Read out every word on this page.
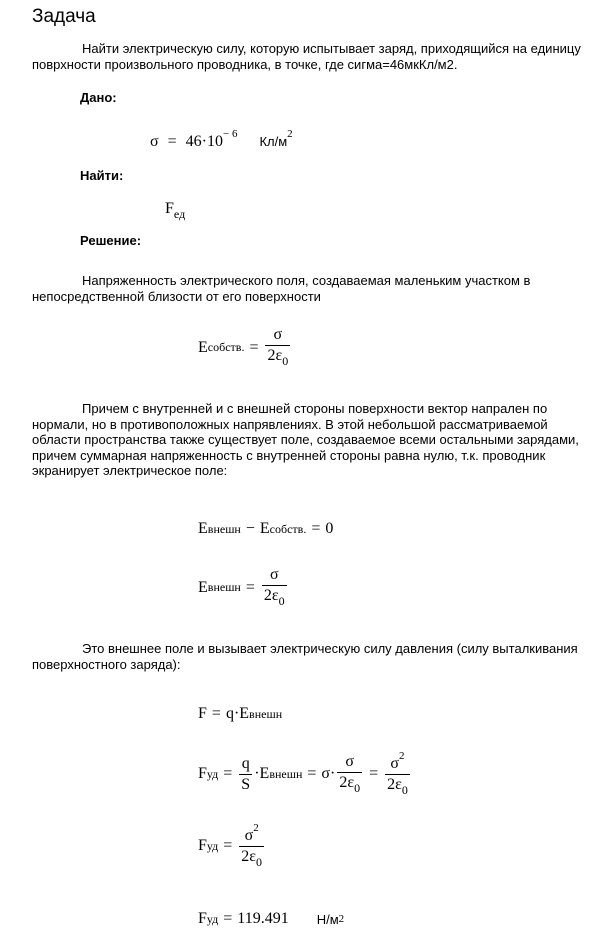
Задача
Найти электрическую силу, которую испытывает заряд, приходящийся на единицу поврхности произвольного проводника, в точке, где сигма=46мкКл/м2.
Дано:
$\sigma = 46\cdot 10^{- 6}$ $Кл/м^2$
Найти:
$F_{ед}$
Решение:
Напряженность электрического поля, создаваемая маленьким участком в непосредственной близости от его поверхности
E собств. = $\frac{\sigma}{2\varepsilon_0}$
Причем с внутренней и с внешней стороны поверхности вектор напрален по нормали, но в противоположных напрявлениях. В этой небольшой рассматриваемой области пространства также существует поле, создаваемое всеми остальными зарядами, причем суммарная напряженность с внутренней стороны равна нулю, т.к. проводник экранирует электрическое поле:
E внешн − E собств. = 0
E внешн = $\frac{\sigma}{2\varepsilon_0}$
Это внешнее поле и вызывает электрическую силу давления (силу выталкивания поверхностного заряда):
F = q·E внешн
F уд = $\frac{q}{S} \cdot E$ внешн = $\sigma\cdot \frac{\sigma}{2\varepsilon_0} = \frac{\sigma^2}{2\varepsilon_0}$
F уд = $\frac{\sigma^2}{2\varepsilon_0}$
F уд = 119.491 Н/м 2
